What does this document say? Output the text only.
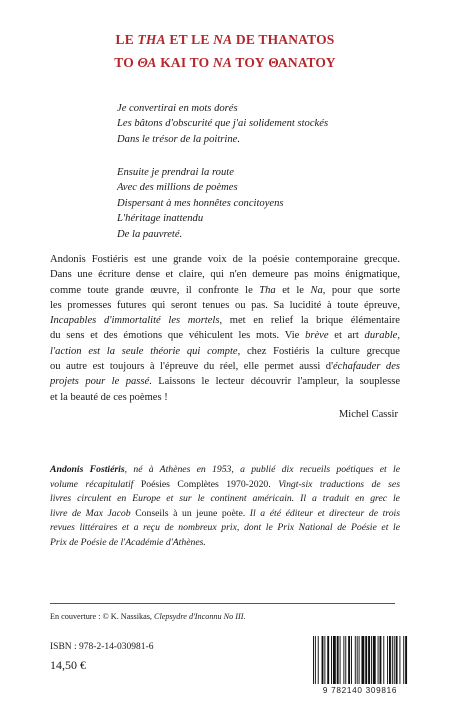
LE THA ET LE NA DE THANATOS
ΤΟ ΘΑ ΚΑΙ ΤΟ ΝΑ ΤΟΥ ΘΑΝΑΤΟΥ
Je convertirai en mots dorés
Les bâtons d'obscurité que j'ai solidement stockés
Dans le trésor de la poitrine.
Ensuite je prendrai la route
Avec des millions de poèmes
Dispersant à mes honnêtes concitoyens
L'héritage inattendu
De la pauvreté.
Andonis Fostiéris est une grande voix de la poésie contemporaine grecque.
Dans une écriture dense et claire, qui n'en demeure pas moins énigmatique,
comme toute grande œuvre, il confronte le Tha et le Na, pour que sorte
les promesses futures qui seront tenues ou pas. Sa lucidité à toute épreuve,
Incapables d'immortalité les mortels, met en relief la brique élémentaire
du sens et des émotions que véhiculent les mots. Vie brève et art durable,
l'action est la seule théorie qui compte, chez Fostiéris la culture grecque
ou autre est toujours à l'épreuve du réel, elle permet aussi d'échafauder des
projets pour le passé. Laissons le lecteur découvrir l'ampleur, la souplesse
et la beauté de ces poèmes !
Michel Cassir
Andonis Fostiéris, né à Athènes en 1953, a publié dix recueils poétiques et le
volume récapitulatif Poésies Complètes 1970-2020. Vingt-six traductions de ses
livres circulent en Europe et sur le continent américain. Il a traduit en grec le
livre de Max Jacob Conseils à un jeune poète. Il a été éditeur et directeur de trois
revues littéraires et a reçu de nombreux prix, dont le Prix National de Poésie et le
Prix de Poésie de l'Académie d'Athènes.
En couverture : © K. Nassikas, Clepsydre d'Inconnu No III.
ISBN : 978-2-14-030981-6
14,50 €
9 782140 309816
